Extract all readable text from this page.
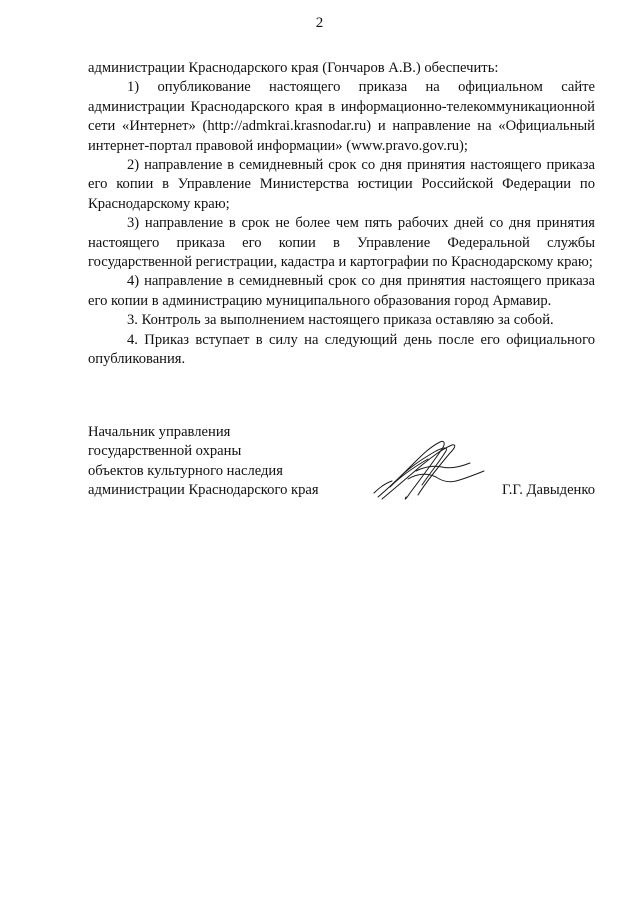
2

администрации Краснодарского края (Гончаров А.В.) обеспечить:

1) опубликование настоящего приказа на официальном сайте администрации Краснодарского края в информационно-телекоммуникационной сети «Интернет» (http://admkrai.krasnodar.ru) и направление на «Официальный интернет-портал правовой информации» (www.pravo.gov.ru);

2) направление в семидневный срок со дня принятия настоящего приказа его копии в Управление Министерства юстиции Российской Федерации по Краснодарскому краю;

3) направление в срок не более чем пять рабочих дней со дня принятия настоящего приказа его копии в Управление Федеральной службы государственной регистрации, кадастра и картографии по Краснодарскому краю;

4) направление в семидневный срок со дня принятия настоящего приказа его копии в администрацию муниципального образования город Армавир.

3. Контроль за выполнением настоящего приказа оставляю за собой.

4. Приказ вступает в силу на следующий день после его официального опубликования.

Начальник управления
государственной охраны
объектов культурного наследия
администрации Краснодарского края	Г.Г. Давыденко
